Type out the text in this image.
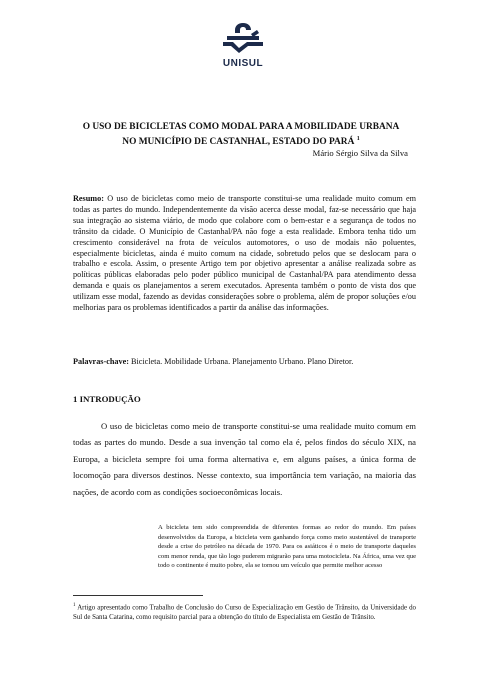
UNISUL
O USO DE BICICLETAS COMO MODAL PARA A MOBILIDADE URBANA
NO MUNICÍPIO DE CASTANHAL, ESTADO DO PARÁ $^1$
Mário Sérgio Silva da Silva
Resumo: O uso de bicicletas como meio de transporte constitui-se uma realidade muito comum em todas as partes do mundo. Independentemente da visão acerca desse modal, faz-se necessário que haja sua integração ao sistema viário, de modo que colabore com o bem-estar e a segurança de todos no trânsito da cidade. O Município de Castanhal/PA não foge a esta realidade. Embora tenha tido um crescimento considerável na frota de veículos automotores, o uso de modais não poluentes, especialmente bicicletas, ainda é muito comum na cidade, sobretudo pelos que se deslocam para o trabalho e escola. Assim, o presente Artigo tem por objetivo apresentar a análise realizada sobre as políticas públicas elaboradas pelo poder público municipal de Castanhal/PA para atendimento dessa demanda e quais os planejamentos a serem executados. Apresenta também o ponto de vista dos que utilizam esse modal, fazendo as devidas considerações sobre o problema, além de propor soluções e/ou melhorias para os problemas identificados a partir da análise das informações.
Palavras-chave: Bicicleta. Mobilidade Urbana. Planejamento Urbano. Plano Diretor.
1 INTRODUÇÃO
O uso de bicicletas como meio de transporte constitui-se uma realidade muito comum em todas as partes do mundo. Desde a sua invenção tal como ela é, pelos findos do século XIX, na Europa, a bicicleta sempre foi uma forma alternativa e, em alguns países, a única forma de locomoção para diversos destinos. Nesse contexto, sua importância tem variação, na maioria das nações, de acordo com as condições socioeconômicas locais.
A bicicleta tem sido compreendida de diferentes formas ao redor do mundo. Em países desenvolvidos da Europa, a bicicleta vem ganhando força como meio sustentável de transporte desde a crise do petróleo na década de 1970. Para os asiáticos é o meio de transporte daqueles com menor renda, que tão logo puderem migrarão para uma motocicleta. Na África, uma vez que todo o continente é muito pobre, ela se tornou um veículo que permite melhor acesso
$^1$ Artigo apresentado como Trabalho de Conclusão do Curso de Especialização em Gestão de Trânsito, da Universidade do Sul de Santa Catarina, como requisito parcial para a obtenção do título de Especialista em Gestão de Trânsito.
